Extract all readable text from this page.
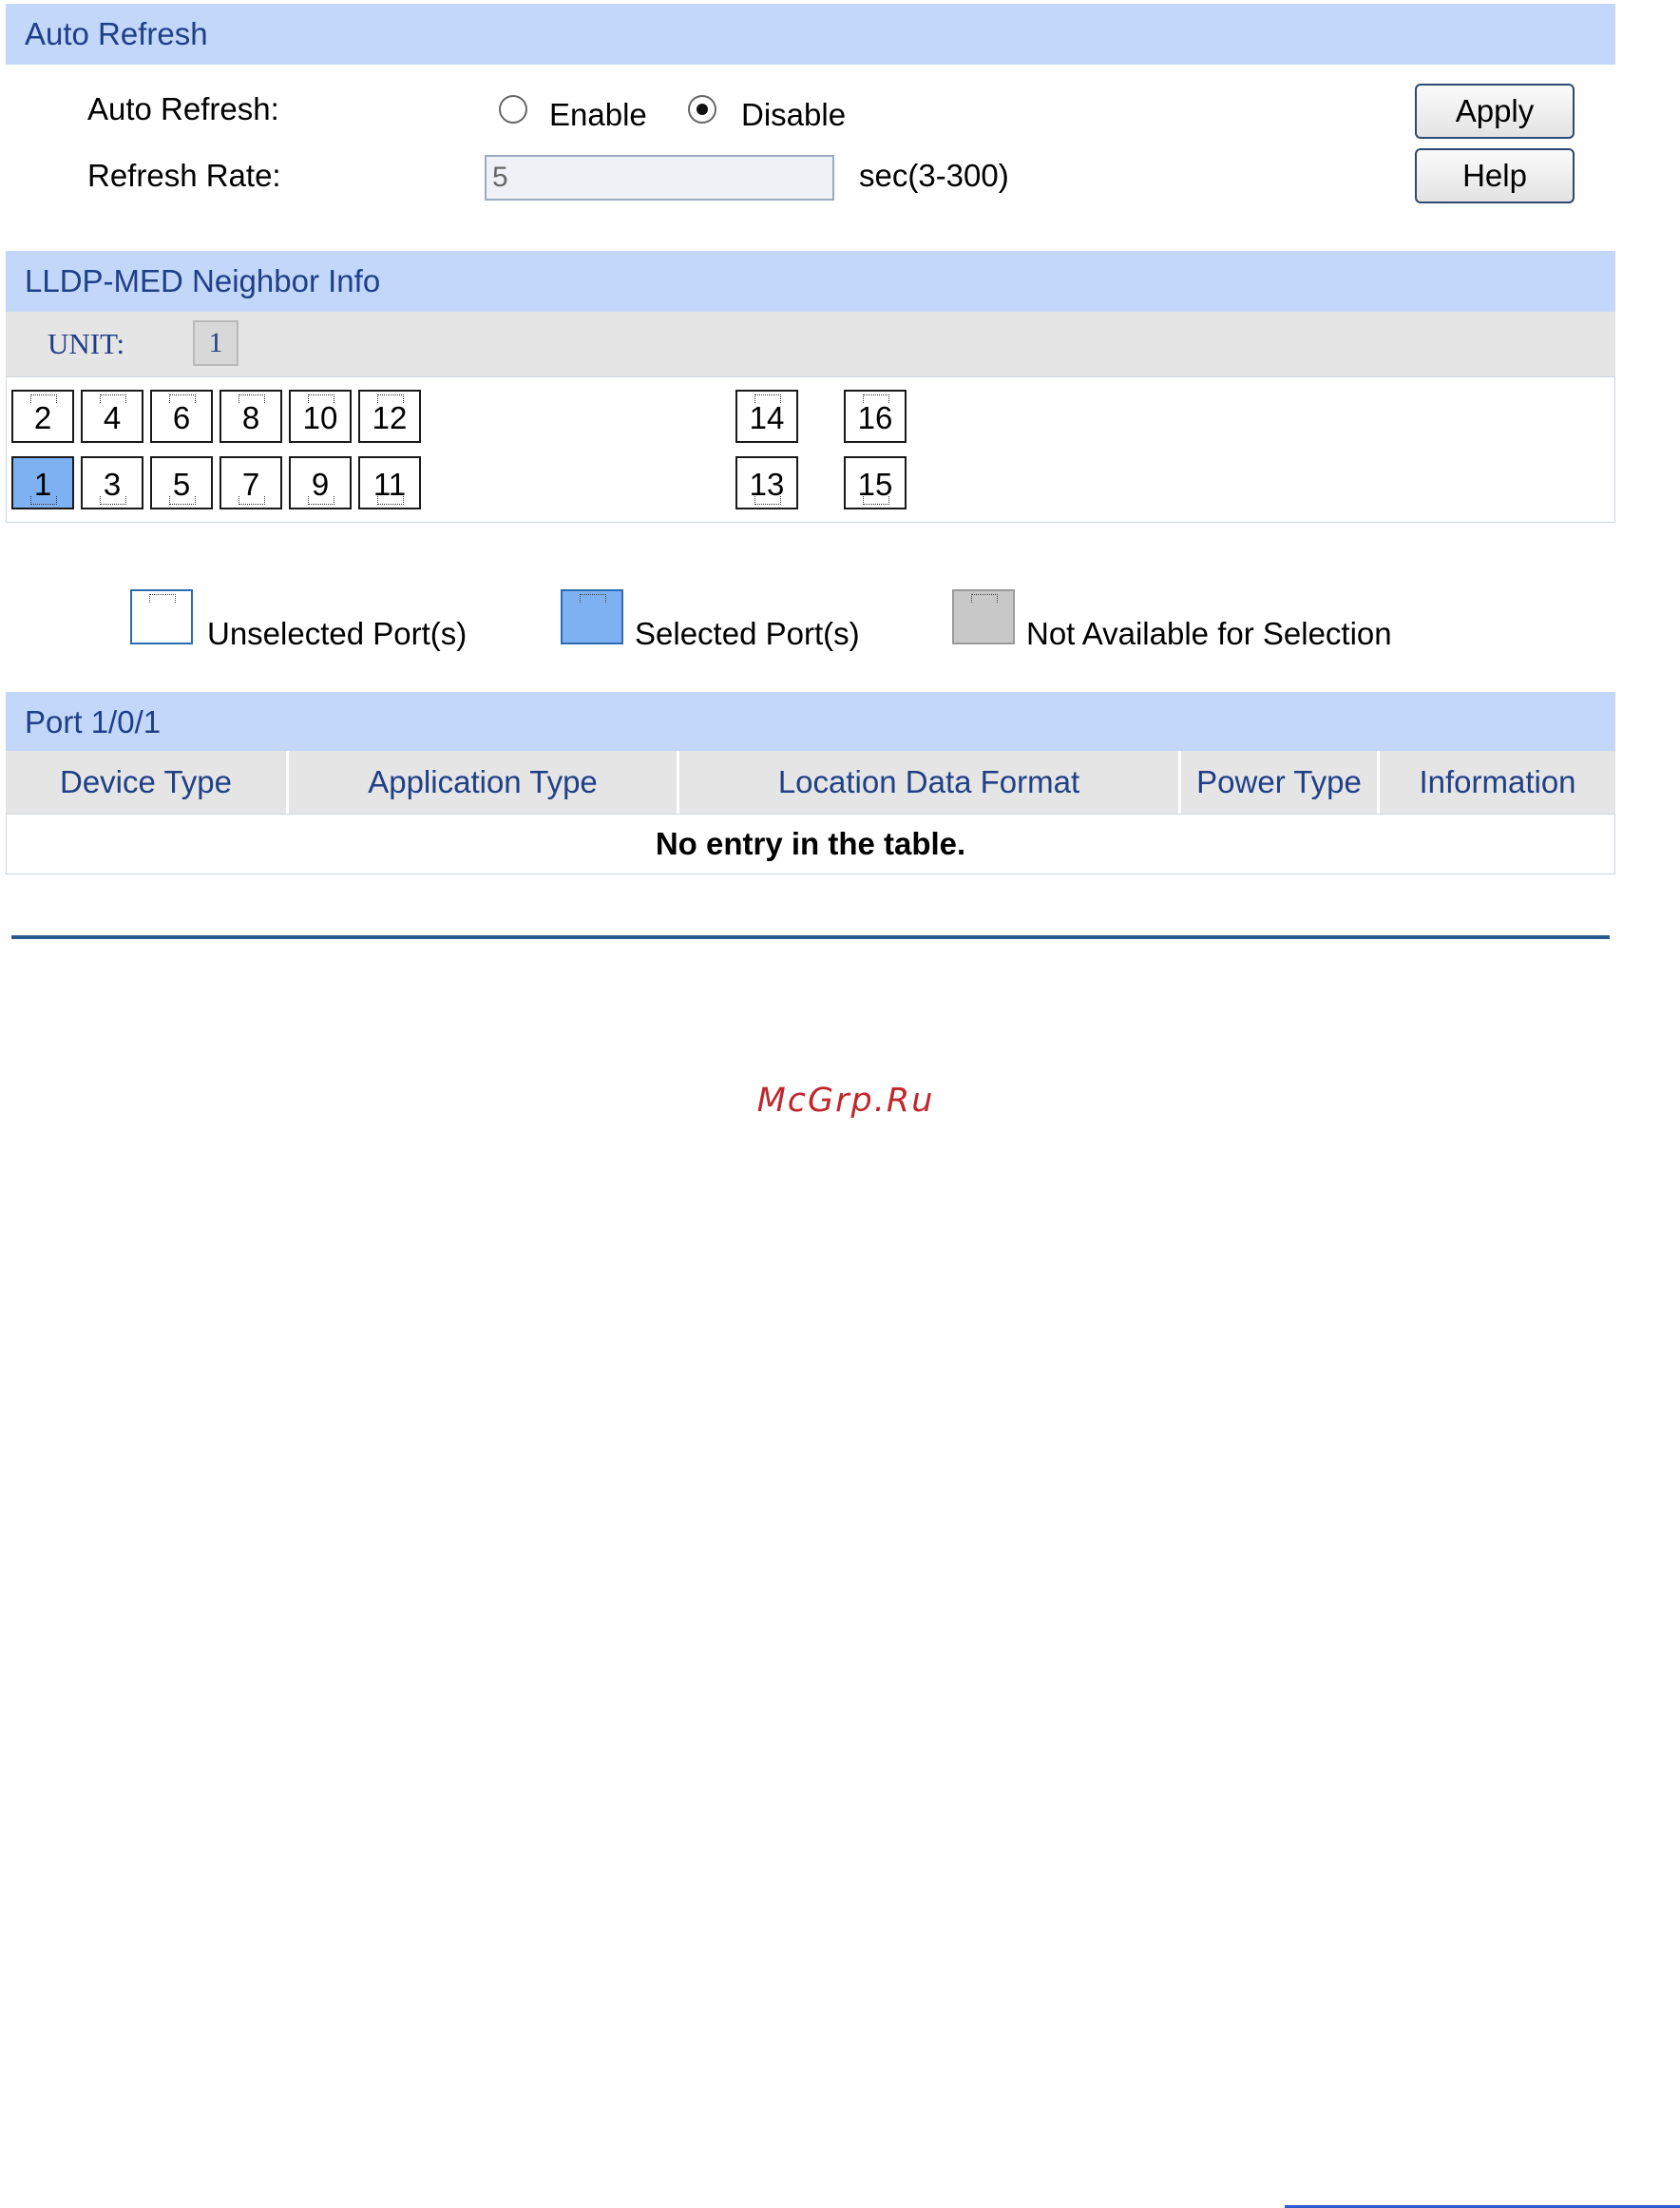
Auto Refresh
Auto Refresh:	Enable	Disable
Refresh Rate:	5	sec(3-300)
Apply
Help
LLDP-MED Neighbor Info
UNIT:	1
2	4	6	8	10	12	14	16
1	3	5	7	9	11	13	15
Unselected Port(s)	Selected Port(s)	Not Available for Selection
Port 1/0/1
Device Type	Application Type	Location Data Format	Power Type	Information
No entry in the table.
McGrp.Ru
